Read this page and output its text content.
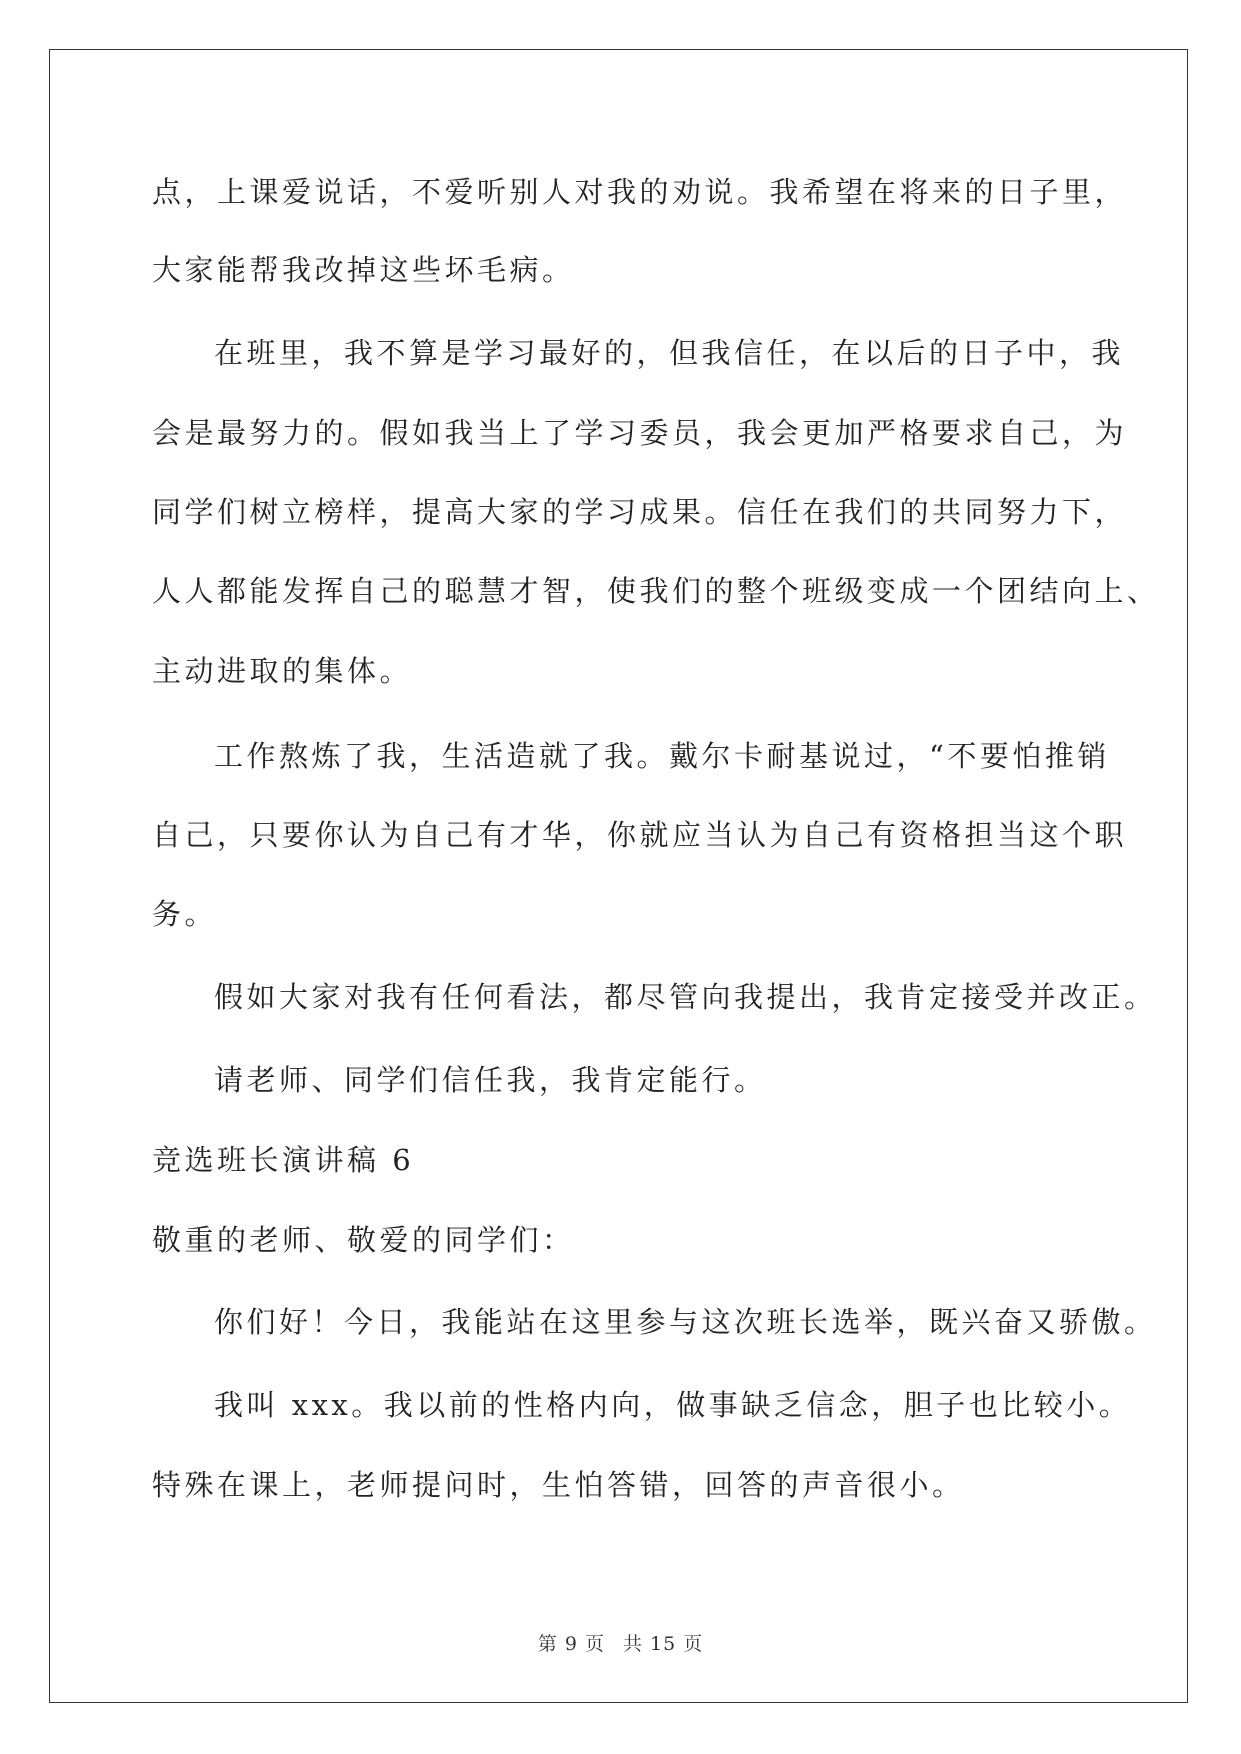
点，上课爱说话，不爱听别人对我的劝说。我希望在将来的日子里，
大家能帮我改掉这些坏毛病。
在班里，我不算是学习最好的，但我信任，在以后的日子中，我
会是最努力的。假如我当上了学习委员，我会更加严格要求自己，为
同学们树立榜样，提高大家的学习成果。信任在我们的共同努力下，
人人都能发挥自己的聪慧才智，使我们的整个班级变成一个团结向上、
主动进取的集体。
工作熬炼了我，生活造就了我。戴尔卡耐基说过，“不要怕推销
自己，只要你认为自己有才华，你就应当认为自己有资格担当这个职
务。
假如大家对我有任何看法，都尽管向我提出，我肯定接受并改正。
请老师、同学们信任我，我肯定能行。
竞选班长演讲稿 6
敬重的老师、敬爱的同学们：
你们好！今日，我能站在这里参与这次班长选举，既兴奋又骄傲。
我叫 xxx。我以前的性格内向，做事缺乏信念，胆子也比较小。
特殊在课上，老师提问时，生怕答错，回答的声音很小。
第 9 页 共 15 页
